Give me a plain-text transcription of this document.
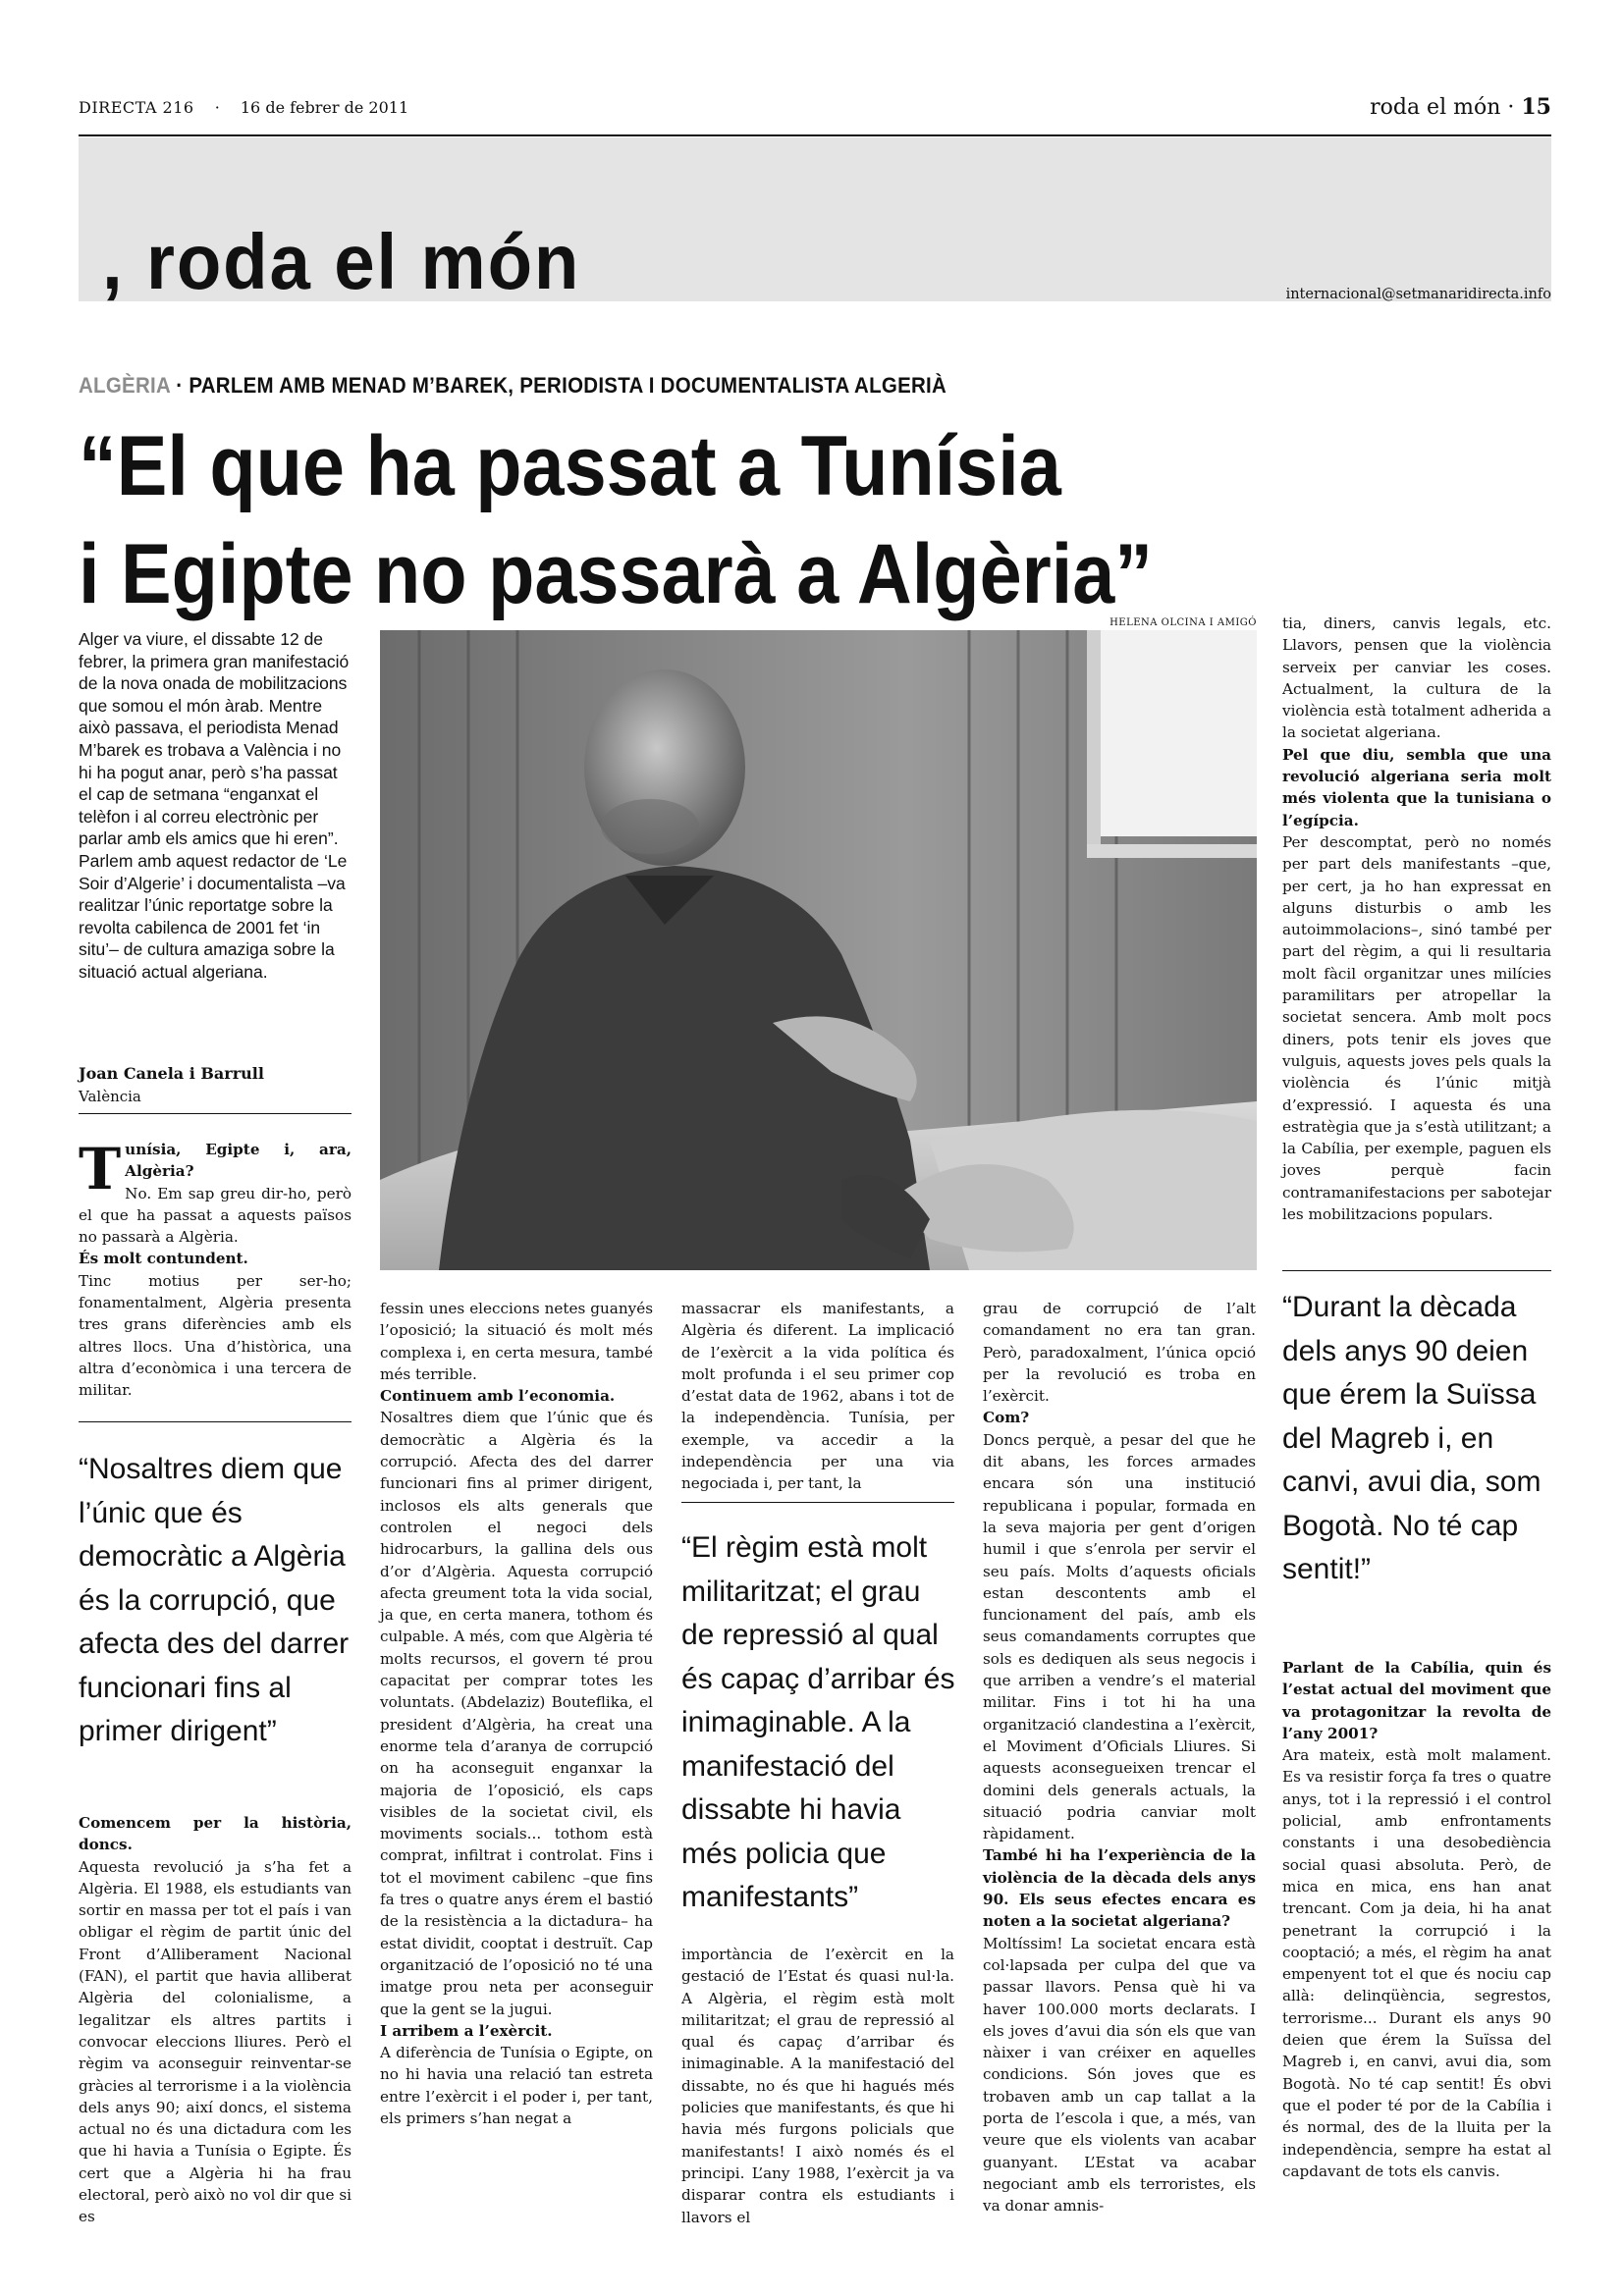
DIRECTA 216 · 16 de febrer de 2011	roda el món · 15
, roda el món	internacional@setmanaridirecta.info
ALGÈRIA · PARLEM AMB MENAD M’BAREK, PERIODISTA I DOCUMENTALISTA ALGERIÀ
“El que ha passat a Tunísia
i Egipte no passarà a Algèria”
Alger va viure, el dissabte 12 de febrer, la primera gran manifestació de la nova onada de mobilitzacions que somou el món àrab. Mentre això passava, el periodista Menad M’barek es trobava a València i no hi ha pogut anar, però s’ha passat el cap de setmana “enganxat el telèfon i al correu electrònic per parlar amb els amics que hi eren”. Parlem amb aquest redactor de ‘Le Soir d’Algerie’ i documentalista –va realitzar l’únic reportatge sobre la revolta cabilenca de 2001 fet ‘in situ’– de cultura amaziga sobre la situació actual algeriana.
Joan Canela i Barrull
València
HELENA OLCINA I AMIGÓ
T unísia, Egipte i, ara, Algèria?
No. Em sap greu dir-ho, però el que ha passat a aquests països no passarà a Algèria.

És molt contundent.

Tinc motius per ser-ho; fonamentalment, Algèria presenta tres grans diferències amb els altres llocs. Una d’històrica, una altra d’econòmica i una tercera de militar.

“Nosaltres diem que l’únic que és democràtic a Algèria és la corrupció, que afecta des del darrer funcionari fins al primer dirigent”

Comencem per la història, doncs.

Aquesta revolució ja s’ha fet a Algèria. El 1988, els estudiants van sortir en massa per tot el país i van obligar el règim de partit únic del Front d’Alliberament Nacional (FAN), el partit que havia alliberat Algèria del colonialisme, a legalitzar els altres partits i convocar eleccions lliures. Però el règim va aconseguir reinventar-se gràcies al terrorisme i a la violència dels anys 90; així doncs, el sistema actual no és una dictadura com les que hi havia a Tunísia o Egipte. És cert que a Algèria hi ha frau electoral, però això no vol dir que si es

fessin unes eleccions netes guanyés l’oposició; la situació és molt més complexa i, en certa mesura, també més terrible.

Continuem amb l’economia.

Nosaltres diem que l’únic que és democràtic a Algèria és la corrupció. Afecta des del darrer funcionari fins al primer dirigent, inclosos els alts generals que controlen el negoci dels hidrocarburs, la gallina dels ous d’or d’Algèria. Aquesta corrupció afecta greument tota la vida social, ja que, en certa manera, tothom és culpable. A més, com que Algèria té molts recursos, el govern té prou capacitat per comprar totes les voluntats. (Abdelaziz) Bouteflika, el president d’Algèria, ha creat una enorme tela d’aranya de corrupció on ha aconseguit enganxar la majoria de l’oposició, els caps visibles de la societat civil, els moviments socials... tothom està comprat, infiltrat i controlat. Fins i tot el moviment cabilenc –que fins fa tres o quatre anys érem el bastió de la resistència a la dictadura– ha estat dividit, cooptat i destruït. Cap organització de l’oposició no té una imatge prou neta per aconseguir que la gent se la jugui.

I arribem a l’exèrcit.

A diferència de Tunísia o Egipte, on no hi havia una relació tan estreta entre l’exèrcit i el poder i, per tant, els primers s’han negat a

massacrar els manifestants, a Algèria és diferent. La implicació de l’exèrcit a la vida política és molt profunda i el seu primer cop d’estat data de 1962, abans i tot de la independència. Tunísia, per exemple, va accedir a la independència per una via negociada i, per tant, la

“El règim està molt militaritzat; el grau de repressió al qual és capaç d’arribar és inimaginable. A la manifestació del dissabte hi havia més policia que manifestants”

importància de l’exèrcit en la gestació de l’Estat és quasi nul·la. A Algèria, el règim està molt militaritzat; el grau de repressió al qual és capaç d’arribar és inimaginable. A la manifestació del dissabte, no és que hi hagués més policies que manifestants, és que hi havia més furgons policials que manifestants! I això només és el principi. L’any 1988, l’exèrcit ja va disparar contra els estudiants i llavors el

grau de corrupció de l’alt comandament no era tan gran. Però, paradoxalment, l’única opció per la revolució es troba en l’exèrcit.

Com?

Doncs perquè, a pesar del que he dit abans, les forces armades encara són una institució republicana i popular, formada en la seva majoria per gent d’origen humil i que s’enrola per servir el seu país. Molts d’aquests oficials estan descontents amb el funcionament del país, amb els seus comandaments corruptes que sols es dediquen als seus negocis i que arriben a vendre’s el material militar. Fins i tot hi ha una organització clandestina a l’exèrcit, el Moviment d’Oficials Lliures. Si aquests aconsegueixen trencar el domini dels generals actuals, la situació podria canviar molt ràpidament.

També hi ha l’experiència de la violència de la dècada dels anys 90. Els seus efectes encara es noten a la societat algeriana?

Moltíssim! La societat encara està col·lapsada per culpa del que va passar llavors. Pensa què hi va haver 100.000 morts declarats. I els joves d’avui dia són els que van nàixer i van créixer en aquelles condicions. Són joves que es trobaven amb un cap tallat a la porta de l’escola i que, a més, van veure que els violents van acabar guanyant. L’Estat va acabar negociant amb els terroristes, els va donar amnis-

tia, diners, canvis legals, etc. Llavors, pensen que la violència serveix per canviar les coses. Actualment, la cultura de la violència està totalment adherida a la societat algeriana.

Pel que diu, sembla que una revolució algeriana seria molt més violenta que la tunisiana o l’egípcia.

Per descomptat, però no només per part dels manifestants –que, per cert, ja ho han expressat en alguns disturbis o amb les autoimmolacions–, sinó també per part del règim, a qui li resultaria molt fàcil organitzar unes milícies paramilitars per atropellar la societat sencera. Amb molt pocs diners, pots tenir els joves que vulguis, aquests joves pels quals la violència és l’únic mitjà d’expressió. I aquesta és una estratègia que ja s’està utilitzant; a la Cabília, per exemple, paguen els joves perquè facin contramanifestacions per sabotejar les mobilitzacions populars.

“Durant la dècada dels anys 90 deien que érem la Suïssa del Magreb i, en canvi, avui dia, som Bogotà. No té cap sentit!”

Parlant de la Cabília, quin és l’estat actual del moviment que va protagonitzar la revolta de l’any 2001?

Ara mateix, està molt malament. Es va resistir força fa tres o quatre anys, tot i la repressió i el control policial, amb enfrontaments constants i una desobediència social quasi absoluta. Però, de mica en mica, ens han anat trencant. Com ja deia, hi ha anat penetrant la corrupció i la cooptació; a més, el règim ha anat empenyent tot el que és nociu cap allà: delinqüència, segrestos, terrorisme... Durant els anys 90 deien que érem la Suïssa del Magreb i, en canvi, avui dia, som Bogotà. No té cap sentit! És obvi que el poder té por de la Cabília i és normal, des de la lluita per la independència, sempre ha estat al capdavant de tots els canvis.
